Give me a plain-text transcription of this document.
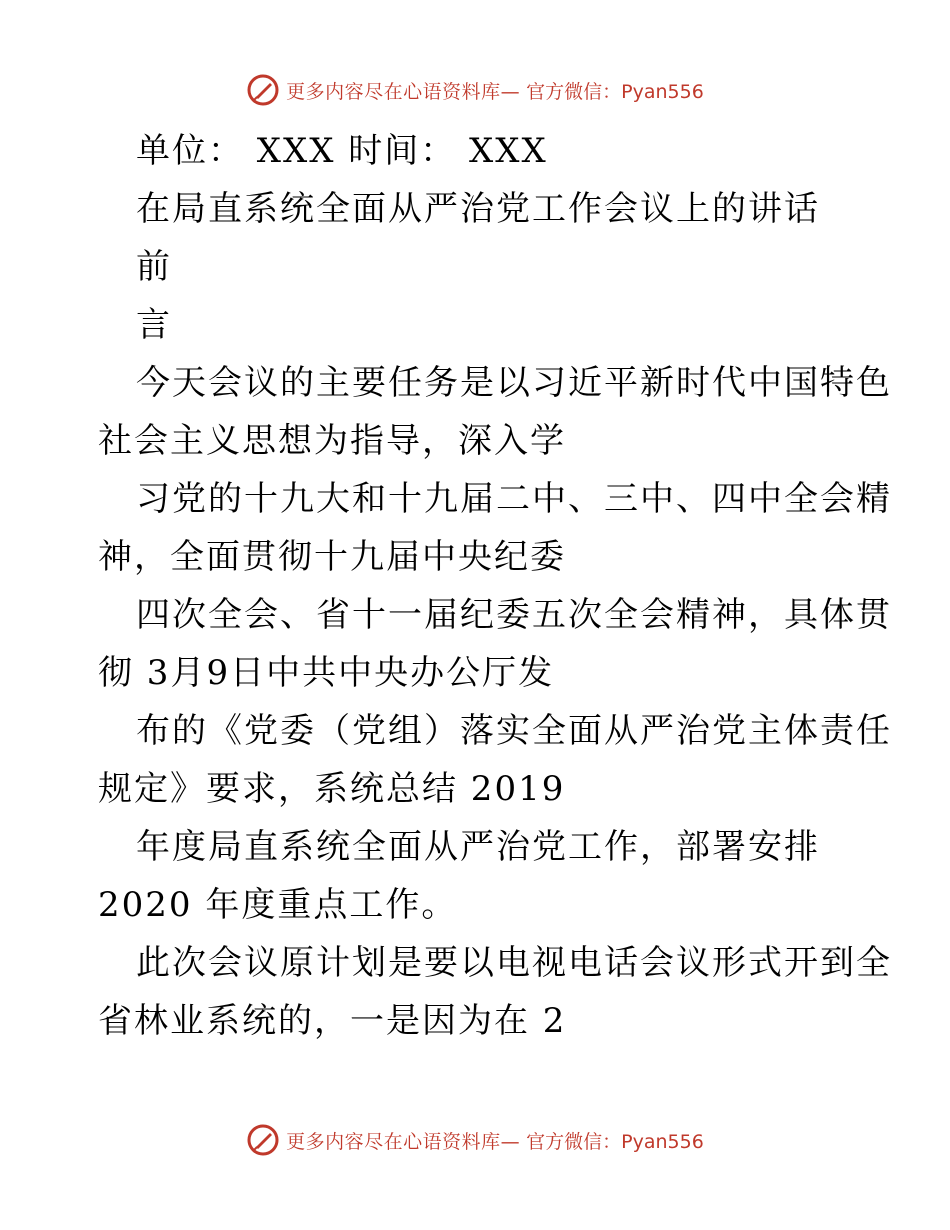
更多内容尽在心语资料库— 官方微信：Pyan556
单位： XXX 时间： XXX
在局直系统全面从严治党工作会议上的讲话
前
言
今天会议的主要任务是以习近平新时代中国特色
社会主义思想为指导，深入学
习党的十九大和十九届二中、三中、四中全会精
神，全面贯彻十九届中央纪委
四次全会、省十一届纪委五次全会精神，具体贯
彻 3月9日中共中央办公厅发
布的《党委（党组）落实全面从严治党主体责任
规定》要求，系统总结 2019
年度局直系统全面从严治党工作，部署安排
2020 年度重点工作。
此次会议原计划是要以电视电话会议形式开到全
省林业系统的，一是因为在 2
更多内容尽在心语资料库— 官方微信：Pyan556
